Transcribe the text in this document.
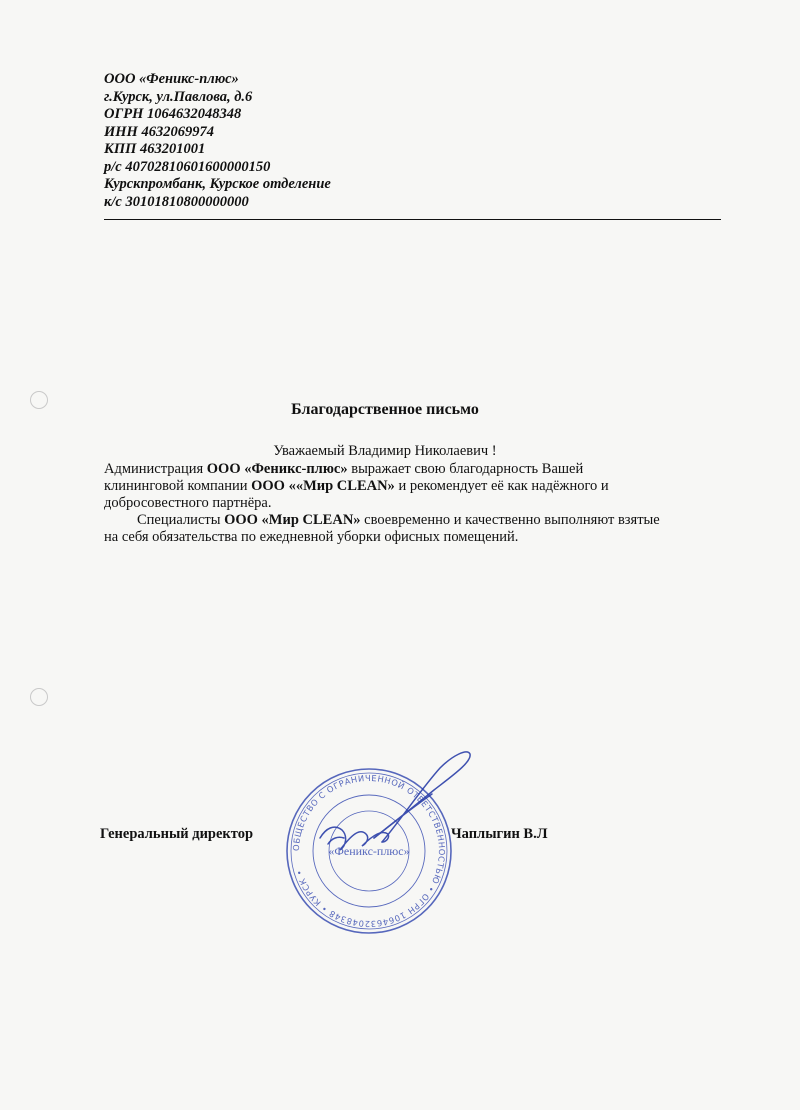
ООО «Феникс-плюс»
г.Курск, ул.Павлова, д.6
ОГРН 1064632048348
ИНН 4632069974
КПП 463201001
р/с 40702810601600000150
Курскпромбанк, Курское отделение
к/с 30101810800000000
Благодарственное письмо
Уважаемый Владимир Николаевич !
Администрация ООО «Феникс-плюс» выражает свою благодарность Вашей
клининговой компании ООО ««Мир CLEAN» и рекомендует её как надёжного и
добросовестного партнёра.
Специалисты ООО «Мир CLEAN» своевременно и качественно выполняют взятые
на себя обязательства по ежедневной уборки офисных помещений.
Генеральный директор	Чаплыгин В.Л
ОБЩЕСТВО С ОГРАНИЧЕННОЙ ОТВЕТСТВЕННОСТЬЮ • ОГРН 1064632048348 • КУРСК •
«Феникс-плюс»
